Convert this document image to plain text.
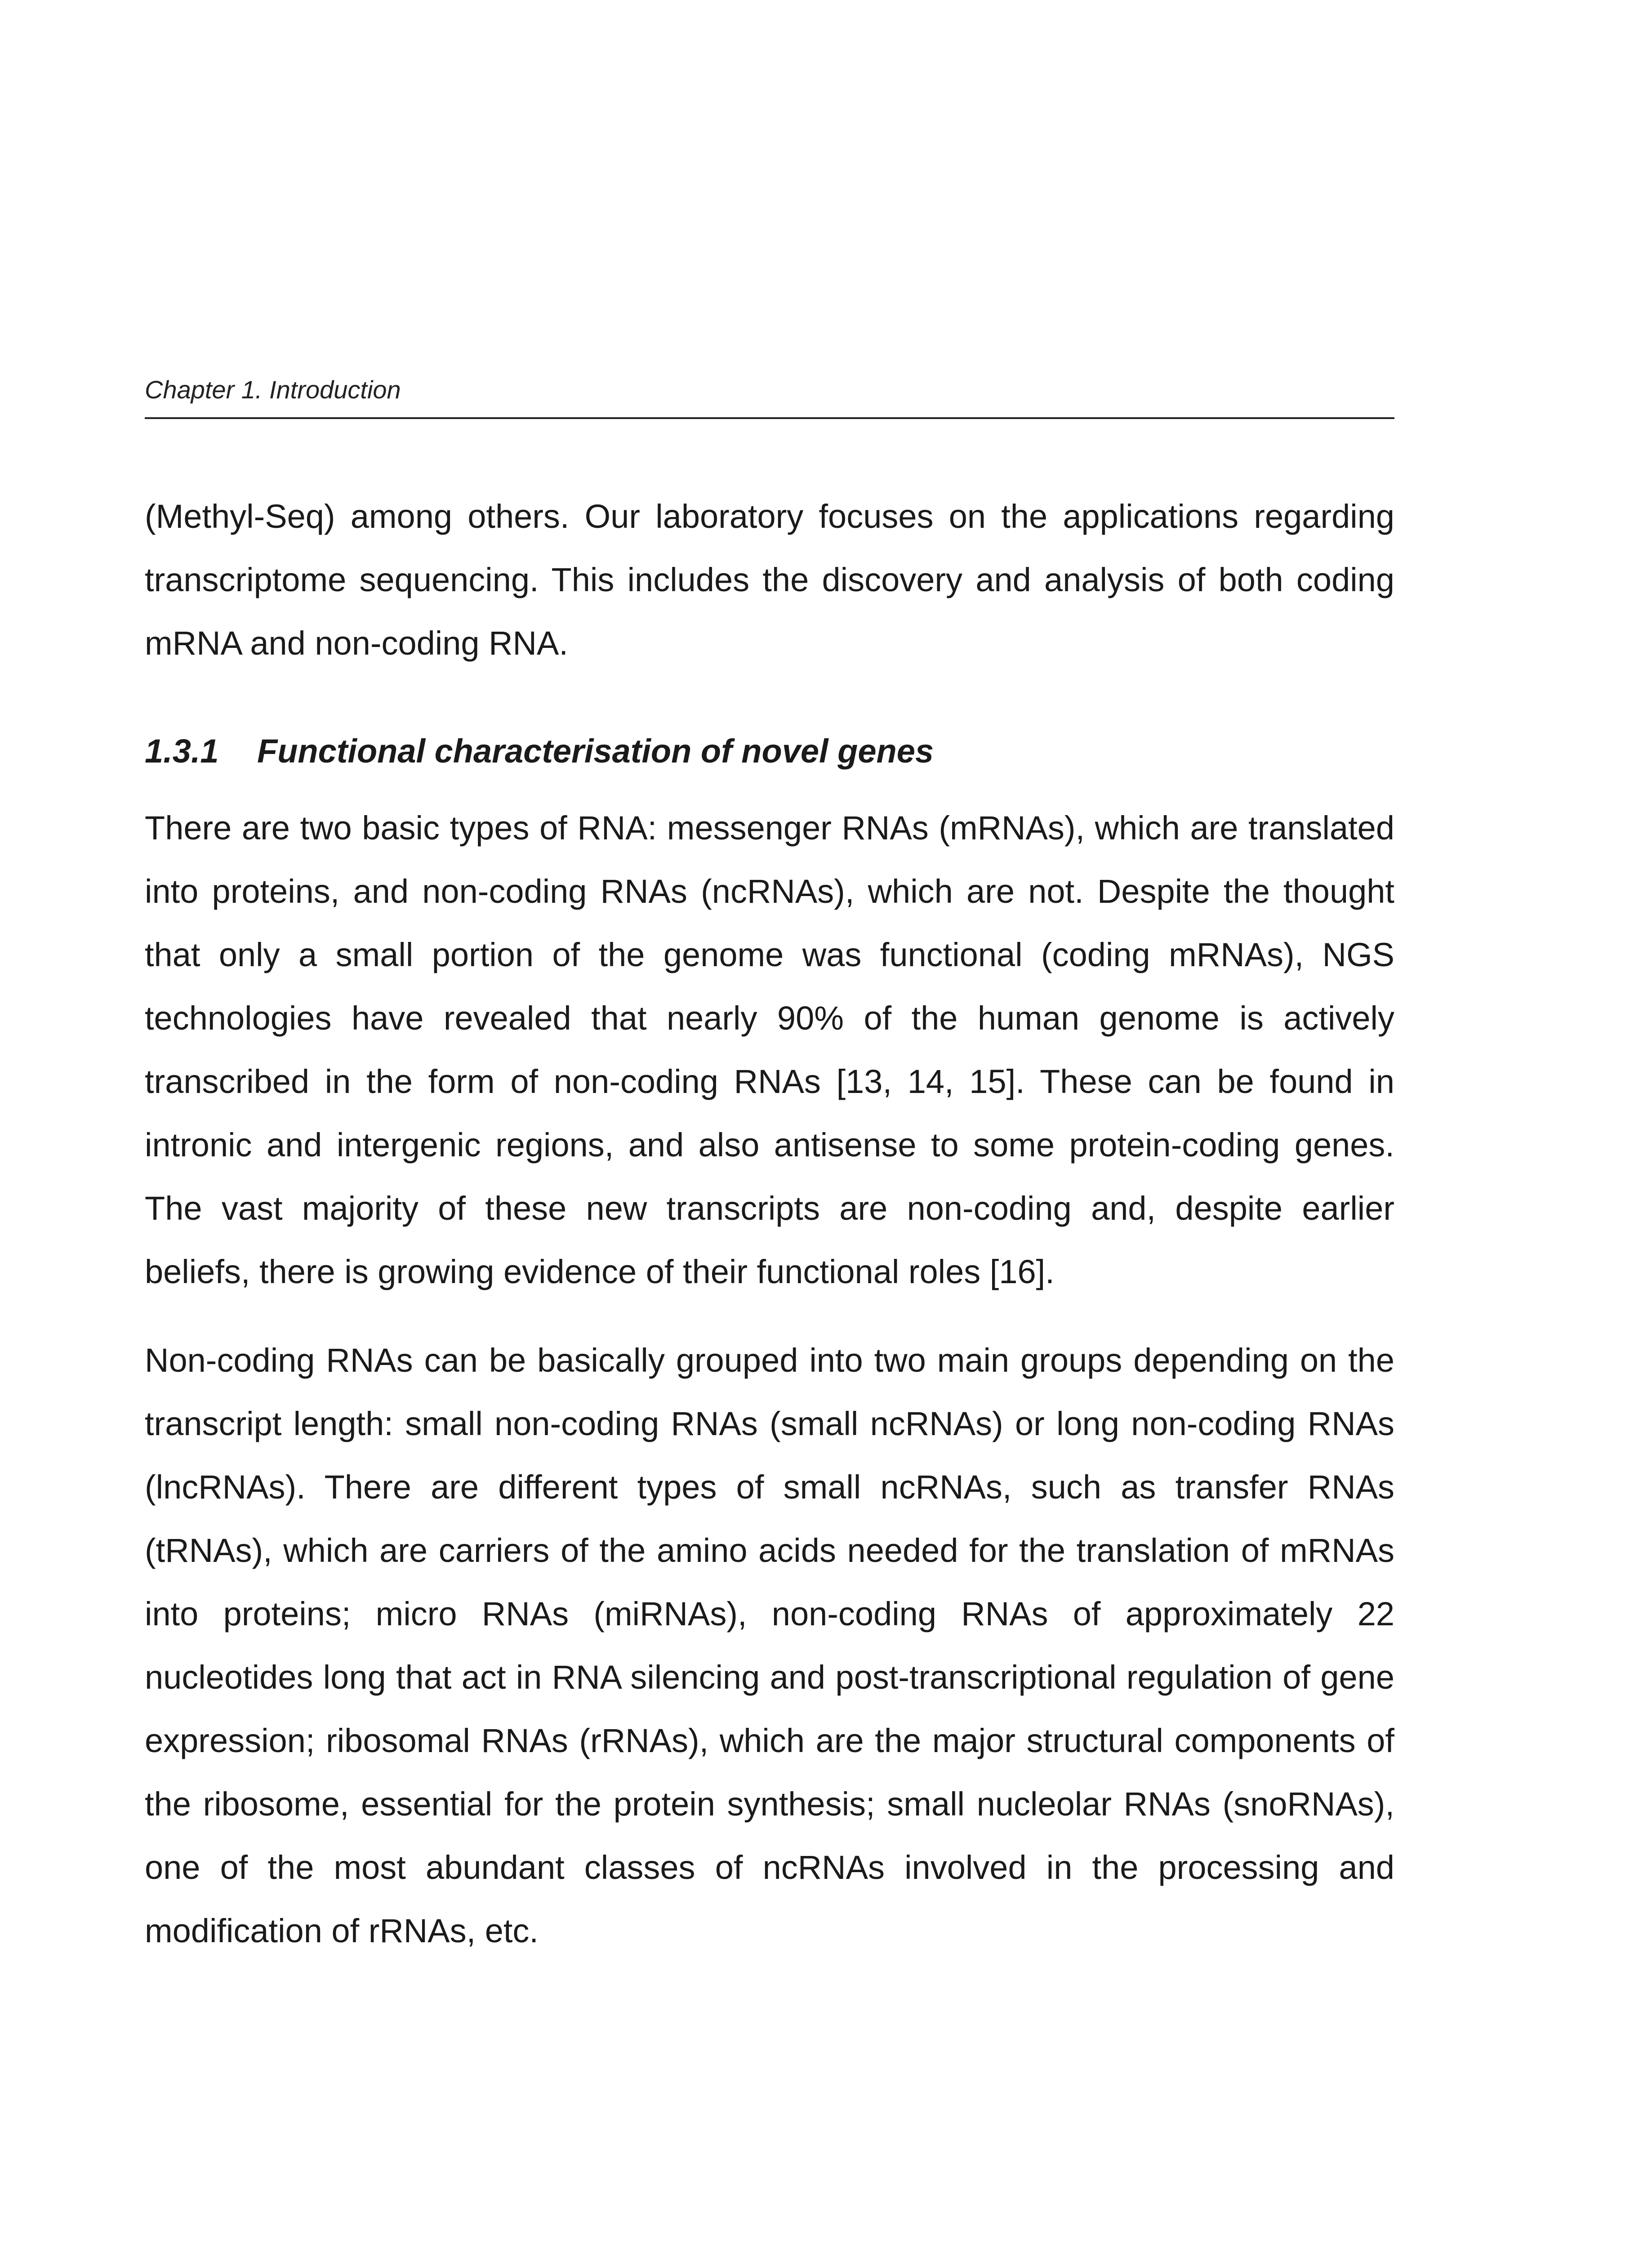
Chapter 1. Introduction

(Methyl-Seq) among others. Our laboratory focuses on the applications regarding transcriptome sequencing. This includes the discovery and analysis of both coding mRNA and non-coding RNA.

1.3.1 Functional characterisation of novel genes

There are two basic types of RNA: messenger RNAs (mRNAs), which are translated into proteins, and non-coding RNAs (ncRNAs), which are not. Despite the thought that only a small portion of the genome was functional (coding mRNAs), NGS technologies have revealed that nearly 90% of the human genome is actively transcribed in the form of non-coding RNAs [13, 14, 15]. These can be found in intronic and intergenic regions, and also antisense to some protein-coding genes. The vast majority of these new transcripts are non-coding and, despite earlier beliefs, there is growing evidence of their functional roles [16].

Non-coding RNAs can be basically grouped into two main groups depending on the transcript length: small non-coding RNAs (small ncRNAs) or long non-coding RNAs (lncRNAs). There are different types of small ncRNAs, such as transfer RNAs (tRNAs), which are carriers of the amino acids needed for the translation of mRNAs into proteins; micro RNAs (miRNAs), non-coding RNAs of approximately 22 nucleotides long that act in RNA silencing and post-transcriptional regulation of gene expression; ribosomal RNAs (rRNAs), which are the major structural components of the ribosome, essential for the protein synthesis; small nucleolar RNAs (snoRNAs), one of the most abundant classes of ncRNAs involved in the processing and modification of rRNAs, etc.
